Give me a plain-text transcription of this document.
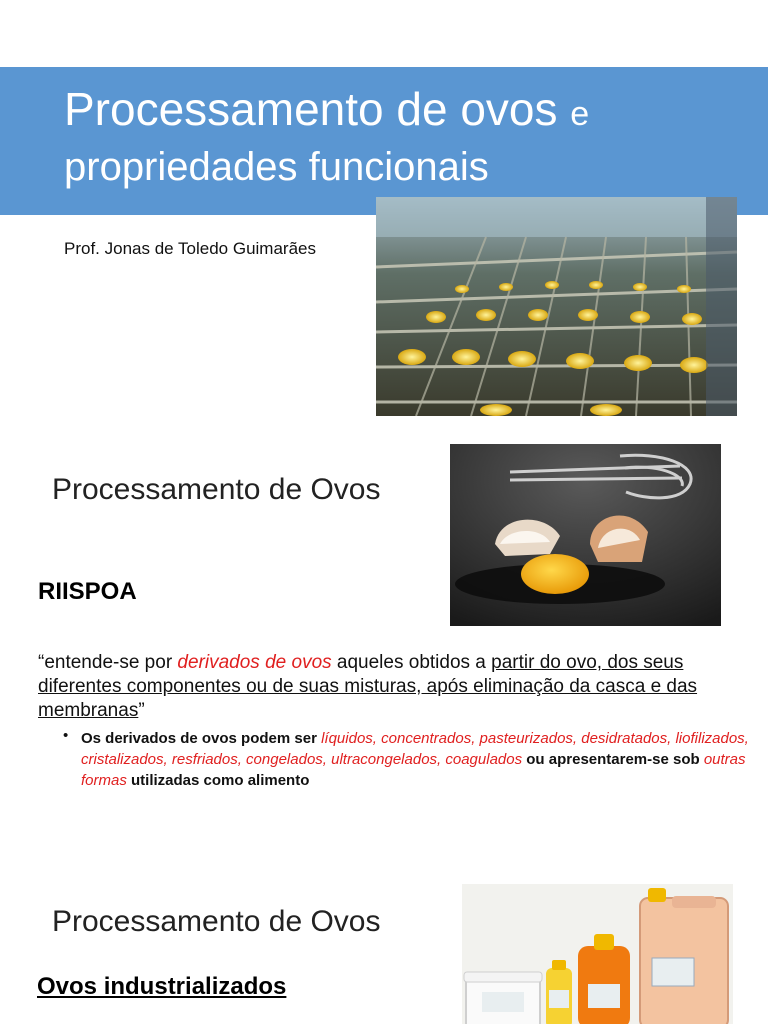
Processamento de ovos e
propriedades funcionais
Prof. Jonas de Toledo Guimarães
Processamento de Ovos
RIISPOA
“entende-se por derivados de ovos aqueles obtidos a partir do ovo, dos seus diferentes componentes ou de suas misturas, após eliminação da casca e das membranas”
• Os derivados de ovos podem ser líquidos, concentrados, pasteurizados, desidratados, liofilizados, cristalizados, resfriados, congelados, ultracongelados, coagulados ou apresentarem-se sob outras formas utilizadas como alimento
Processamento de Ovos
Ovos industrializados
